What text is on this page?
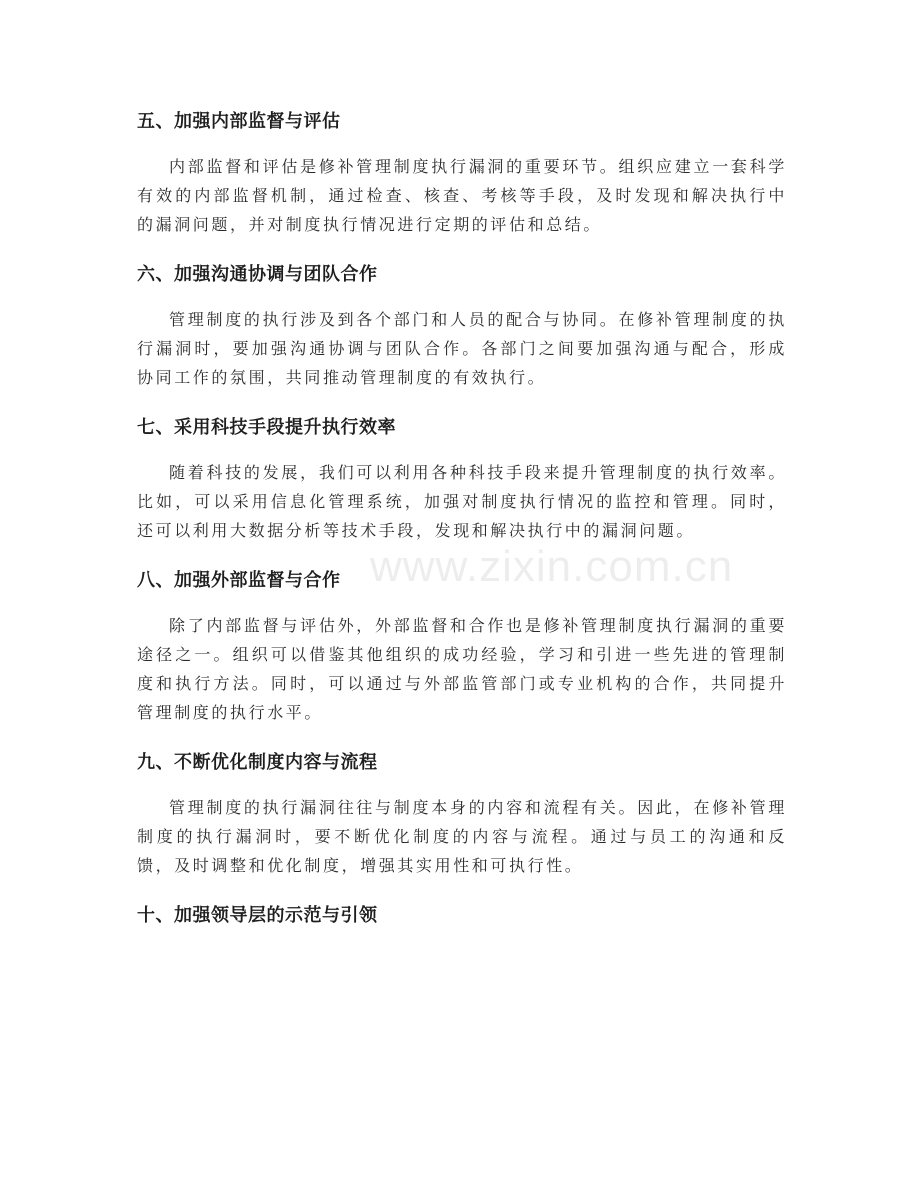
五、加强内部监督与评估

内部监督和评估是修补管理制度执行漏洞的重要环节。组织应建立一套科学有效的内部监督机制，通过检查、核查、考核等手段，及时发现和解决执行中的漏洞问题，并对制度执行情况进行定期的评估和总结。

六、加强沟通协调与团队合作

管理制度的执行涉及到各个部门和人员的配合与协同。在修补管理制度的执行漏洞时，要加强沟通协调与团队合作。各部门之间要加强沟通与配合，形成协同工作的氛围，共同推动管理制度的有效执行。

七、采用科技手段提升执行效率

随着科技的发展，我们可以利用各种科技手段来提升管理制度的执行效率。比如，可以采用信息化管理系统，加强对制度执行情况的监控和管理。同时，还可以利用大数据分析等技术手段，发现和解决执行中的漏洞问题。

八、加强外部监督与合作

除了内部监督与评估外，外部监督和合作也是修补管理制度执行漏洞的重要途径之一。组织可以借鉴其他组织的成功经验，学习和引进一些先进的管理制度和执行方法。同时，可以通过与外部监管部门或专业机构的合作，共同提升管理制度的执行水平。

九、不断优化制度内容与流程

管理制度的执行漏洞往往与制度本身的内容和流程有关。因此，在修补管理制度的执行漏洞时，要不断优化制度的内容与流程。通过与员工的沟通和反馈，及时调整和优化制度，增强其实用性和可执行性。

十、加强领导层的示范与引领
www.zixin.com.cn
